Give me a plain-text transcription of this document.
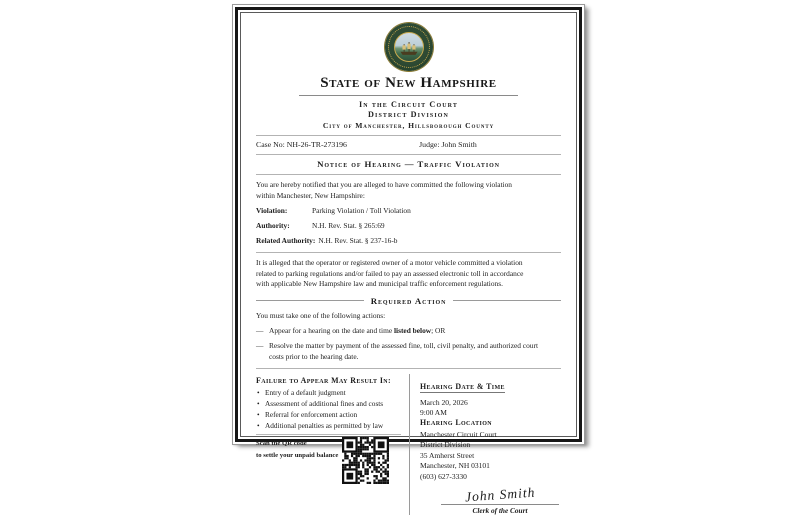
State of New Hampshire
In the Circuit Court
District Division
City of Manchester, Hillsborough County
Case No: NH-26-TR-273196	Judge: John Smith
Notice of Hearing — Traffic Violation

You are hereby notified that you are alleged to have committed the following violation within Manchester, New Hampshire:

Violation:	Parking Violation / Toll Violation
Authority:	N.H. Rev. Stat. § 265:69
Related Authority: N.H. Rev. Stat. § 237-16-b

It is alleged that the operator or registered owner of a motor vehicle committed a violation related to parking regulations and/or failed to pay an assessed electronic toll in accordance with applicable New Hampshire law and municipal traffic enforcement regulations.

Required Action

You must take one of the following actions:

— Appear for a hearing on the date and time listed below; OR
— Resolve the matter by payment of the assessed fine, toll, civil penalty, and authorized court costs prior to the hearing date.
Failure to Appear May Result In:
• Entry of a default judgment
• Assessment of additional fines and costs
• Referral for enforcement action
• Additional penalties as permitted by law
Scan the QR code
to settle your unpaid balance
Hearing Date & Time
March 20, 2026
9:00 AM
Hearing Location
Manchester Circuit Court
District Division
35 Amherst Street
Manchester, NH 03101
(603) 627-3330
John Smith
Clerk of the Court
